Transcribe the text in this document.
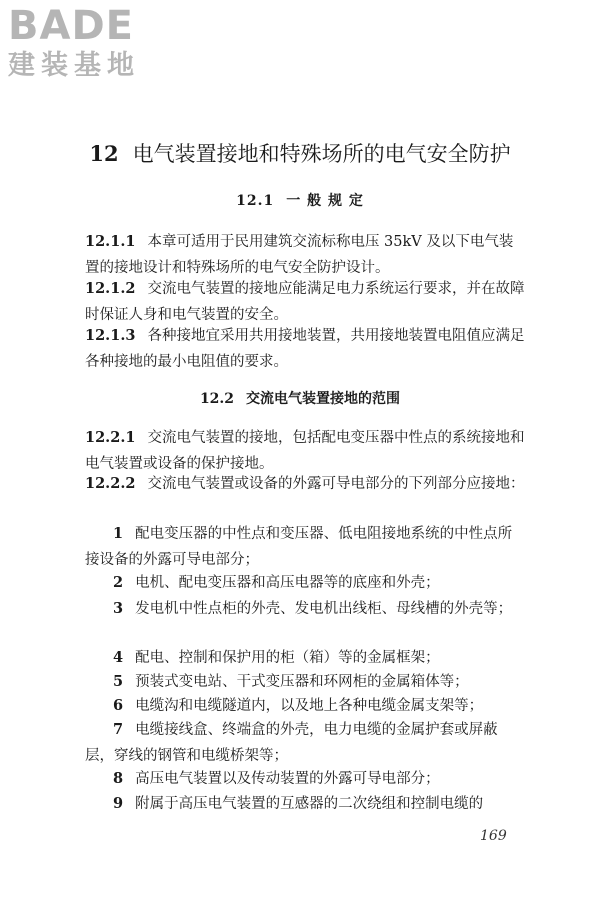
BADE
建装基地
12 电气装置接地和特殊场所的电气安全防护
12.1 一 般 规 定
12.1.1 本章可适用于民用建筑交流标称电压 35kV 及以下电气装置的接地设计和特殊场所的电气安全防护设计。
12.1.2 交流电气装置的接地应能满足电力系统运行要求，并在故障时保证人身和电气装置的安全。
12.1.3 各种接地宜采用共用接地装置，共用接地装置电阻值应满足各种接地的最小电阻值的要求。
12.2 交流电气装置接地的范围
12.2.1 交流电气装置的接地，包括配电变压器中性点的系统接地和电气装置或设备的保护接地。
12.2.2 交流电气装置或设备的外露可导电部分的下列部分应接地：
1 配电变压器的中性点和变压器、低电阻接地系统的中性点所接设备的外露可导电部分；
2 电机、配电变压器和高压电器等的底座和外壳；
3 发电机中性点柜的外壳、发电机出线柜、母线槽的外壳等；
4 配电、控制和保护用的柜（箱）等的金属框架；
5 预装式变电站、干式变压器和环网柜的金属箱体等；
6 电缆沟和电缆隧道内，以及地上各种电缆金属支架等；
7 电缆接线盒、终端盒的外壳，电力电缆的金属护套或屏蔽层，穿线的钢管和电缆桥架等；
8 高压电气装置以及传动装置的外露可导电部分；
9 附属于高压电气装置的互感器的二次绕组和控制电缆的
169
